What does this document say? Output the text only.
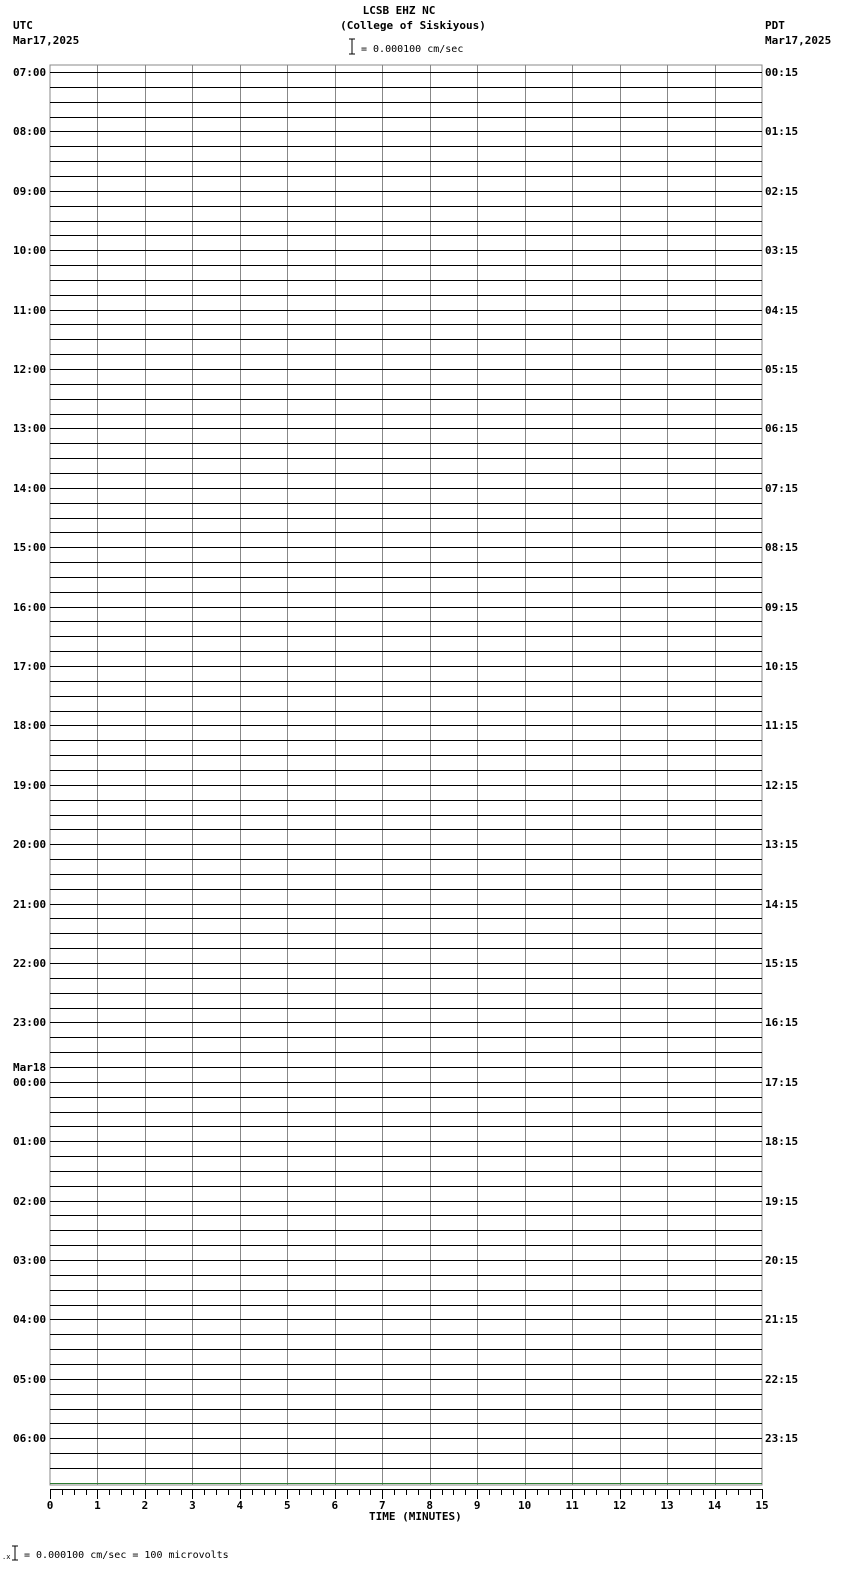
LCSB EHZ NC
(College of Siskiyous)
= 0.000100 cm/sec
UTC
Mar17,2025
PDT
Mar17,2025
Mar18
TIME (MINUTES)
= 0.000100 cm/sec = 100 microvolts
.x
0	1	2	3	4	5	6	7	8	9	10	11	12	13	14	15
07:00
08:00
09:00
10:00
11:00
12:00
13:00
14:00
15:00
16:00
17:00
18:00
19:00
20:00
21:00
22:00
23:00
00:00
01:00
02:00
03:00
04:00
05:00
06:00
00:15
01:15
02:15
03:15
04:15
05:15
06:15
07:15
08:15
09:15
10:15
11:15
12:15
13:15
14:15
15:15
16:15
17:15
18:15
19:15
20:15
21:15
22:15
23:15
